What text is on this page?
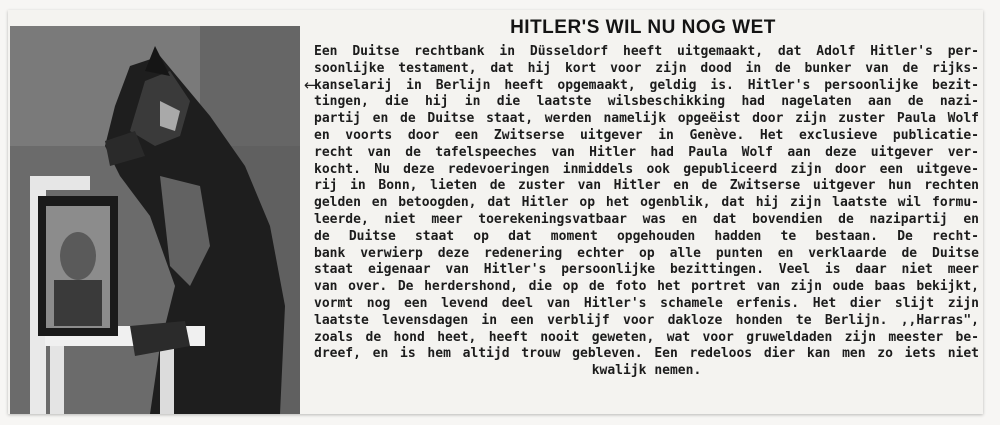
←
HITLER'S WIL NU NOG WET
Een Duitse rechtbank in Düsseldorf heeft uitgemaakt, dat Adolf Hitler's per-
soonlijke testament, dat hij kort voor zijn dood in de bunker van de rijks-
kanselarij in Berlijn heeft opgemaakt, geldig is. Hitler's persoonlijke bezit-
tingen, die hij in die laatste wilsbeschikking had nagelaten aan de nazi-
partij en de Duitse staat, werden namelijk opgeëist door zijn zuster Paula Wolf
en voorts door een Zwitserse uitgever in Genève. Het exclusieve publicatie-
recht van de tafelspeeches van Hitler had Paula Wolf aan deze uitgever ver-
kocht. Nu deze redevoeringen inmiddels ook gepubliceerd zijn door een uitgeve-
rij in Bonn, lieten de zuster van Hitler en de Zwitserse uitgever hun rechten
gelden en betoogden, dat Hitler op het ogenblik, dat hij zijn laatste wil formu-
leerde, niet meer toerekeningsvatbaar was en dat bovendien de nazipartij en
de Duitse staat op dat moment opgehouden hadden te bestaan. De recht-
bank verwierp deze redenering echter op alle punten en verklaarde de Duitse
staat eigenaar van Hitler's persoonlijke bezittingen. Veel is daar niet meer
van over. De herdershond, die op de foto het portret van zijn oude baas bekijkt,
vormt nog een levend deel van Hitler's schamele erfenis. Het dier slijt zijn
laatste levensdagen in een verblijf voor dakloze honden te Berlijn. ,,Harras",
zoals de hond heet, heeft nooit geweten, wat voor gruweldaden zijn meester be-
dreef, en is hem altijd trouw gebleven. Een redeloos dier kan men zo iets niet
kwalijk nemen.
